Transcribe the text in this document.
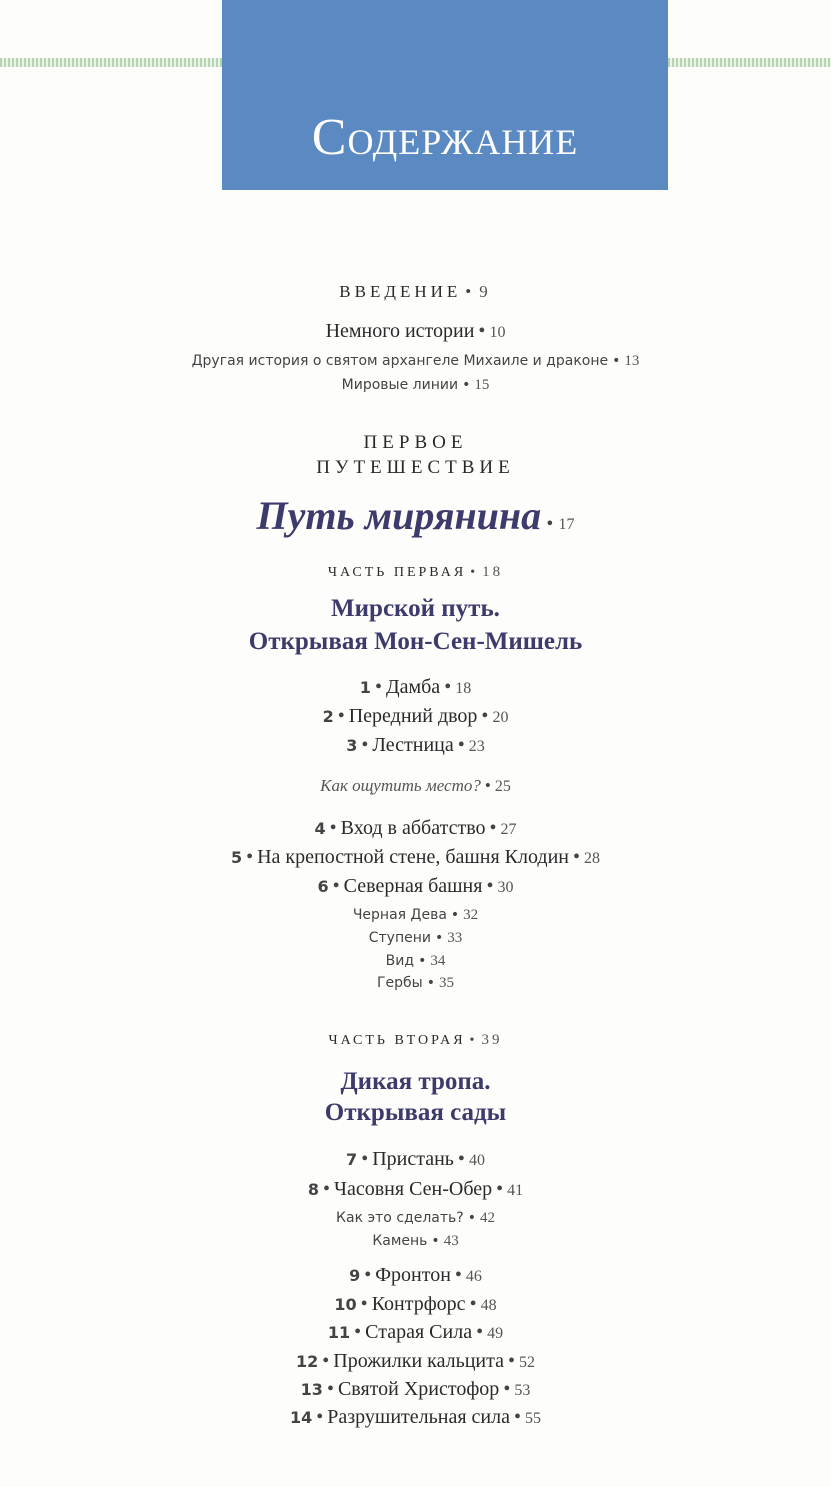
Содержание
ВВЕДЕНИЕ • 9
Немного истории • 10
Другая история о святом архангеле Михаиле и драконе • 13
Мировые линии • 15
ПЕРВОЕ
ПУТЕШЕСТВИЕ
Путь мирянина • 17
ЧАСТЬ ПЕРВАЯ • 18
Мирской путь.
Открывая Мон-Сен-Мишель
1 • Дамба • 18
2 • Передний двор • 20
3 • Лестница • 23
Как ощутить место? • 25
4 • Вход в аббатство • 27
5 • На крепостной стене, башня Клодин • 28
6 • Северная башня • 30
Черная Дева • 32
Ступени • 33
Вид • 34
Гербы • 35
ЧАСТЬ ВТОРАЯ • 39
Дикая тропа.
Открывая сады
7 • Пристань • 40
8 • Часовня Сен-Обер • 41
Как это сделать? • 42
Камень • 43
9 • Фронтон • 46
10 • Контрфорс • 48
11 • Старая Сила • 49
12 • Прожилки кальцита • 52
13 • Святой Христофор • 53
14 • Разрушительная сила • 55
